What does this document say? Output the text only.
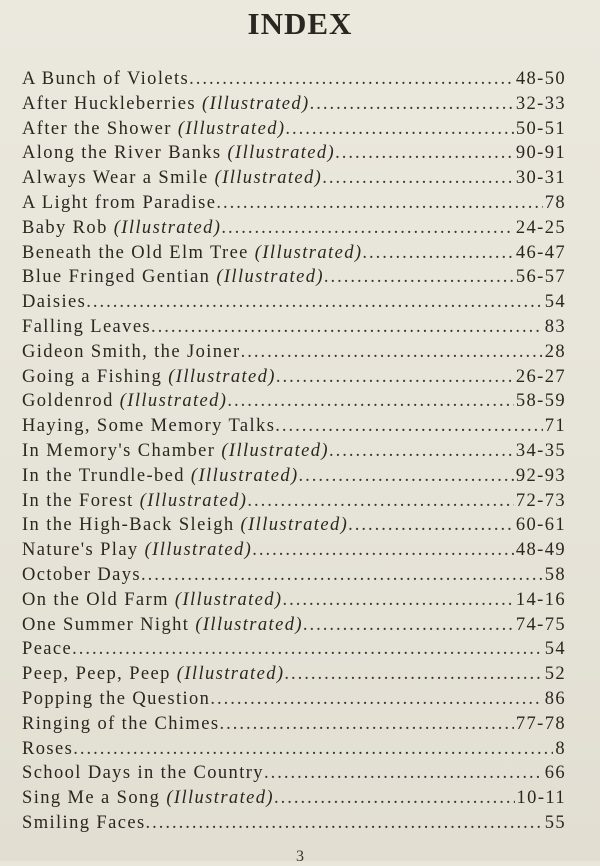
INDEX
A Bunch of Violets .....	48-50
After Huckleberries (Illustrated) .....	32-33
After the Shower (Illustrated) .....	50-51
Along the River Banks (Illustrated) .....	90-91
Always Wear a Smile (Illustrated) .....	30-31
A Light from Paradise .....	78
Baby Rob (Illustrated) .....	24-25
Beneath the Old Elm Tree (Illustrated) .....	46-47
Blue Fringed Gentian (Illustrated) .....	56-57
Daisies .....	54
Falling Leaves .....	83
Gideon Smith, the Joiner .....	28
Going a Fishing (Illustrated) .....	26-27
Goldenrod (Illustrated) .....	58-59
Haying, Some Memory Talks .....	71
In Memory's Chamber (Illustrated) .....	34-35
In the Trundle-bed (Illustrated) .....	92-93
In the Forest (Illustrated) .....	72-73
In the High-Back Sleigh (Illustrated) .....	60-61
Nature's Play (Illustrated) .....	48-49
October Days .....	58
On the Old Farm (Illustrated) .....	14-16
One Summer Night (Illustrated) .....	74-75
Peace .....	54
Peep, Peep, Peep (Illustrated) .....	52
Popping the Question .....	86
Ringing of the Chimes .....	77-78
Roses .....	8
School Days in the Country .....	66
Sing Me a Song (Illustrated) .....	10-11
Smiling Faces .....	55
3
